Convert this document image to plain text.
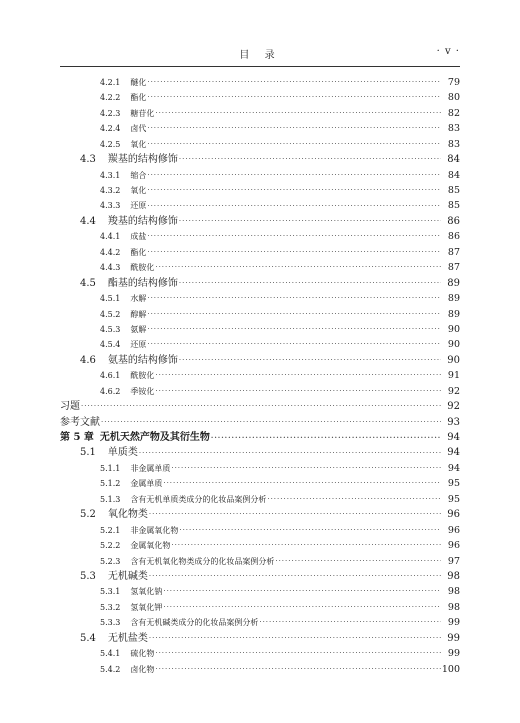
目 录	· v ·
4.2.1	醚化 ·····	79
4.2.2	酯化 ·····	80
4.2.3	糖苷化 ·····	82
4.2.4	卤代 ·····	83
4.2.5	氧化 ·····	83
4.3	羰基的结构修饰 ·····	84
4.3.1	缩合 ·····	84
4.3.2	氧化 ·····	85
4.3.3	还原 ·····	85
4.4	羧基的结构修饰 ·····	86
4.4.1	成盐 ·····	86
4.4.2	酯化 ·····	87
4.4.3	酰胺化 ·····	87
4.5	酯基的结构修饰 ·····	89
4.5.1	水解 ·····	89
4.5.2	醇解 ·····	89
4.5.3	氨解 ·····	90
4.5.4	还原 ·····	90
4.6	氨基的结构修饰 ·····	90
4.6.1	酰胺化 ·····	91
4.6.2	季铵化 ·····	92
习题 ·····	92
参考文献 ·····	93
第 5 章 无机天然产物及其衍生物 ·····	94
5.1	单质类 ·····	94
5.1.1	非金属单质 ·····	94
5.1.2	金属单质 ·····	95
5.1.3	含有无机单质类成分的化妆品案例分析 ·····	95
5.2	氧化物类 ·····	96
5.2.1	非金属氧化物 ·····	96
5.2.2	金属氧化物 ·····	96
5.2.3	含有无机氧化物类成分的化妆品案例分析 ·····	97
5.3	无机碱类 ·····	98
5.3.1	氢氧化钠 ·····	98
5.3.2	氢氧化钾 ·····	98
5.3.3	含有无机碱类成分的化妆品案例分析 ·····	99
5.4	无机盐类 ·····	99
5.4.1	硫化物 ·····	99
5.4.2	卤化物 ·····	100
